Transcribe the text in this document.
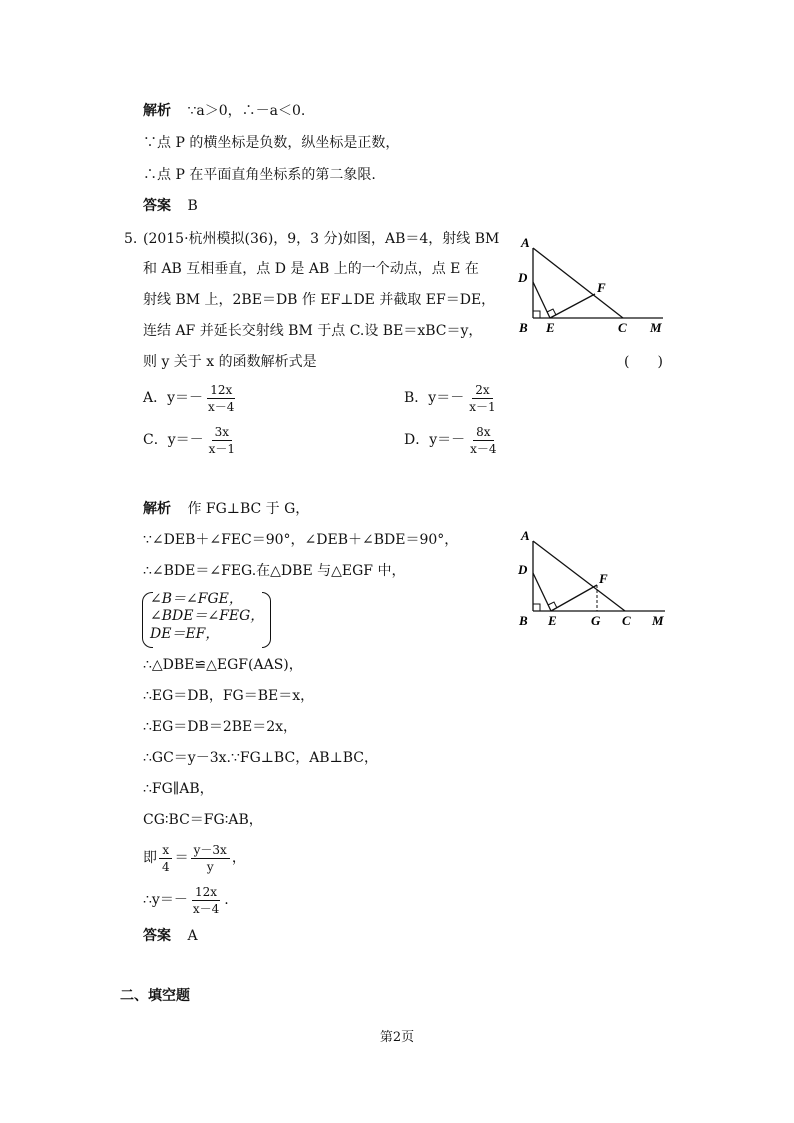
解析 ∵a＞0，∴－a＜0.
∵点 P 的横坐标是负数，纵坐标是正数，
∴点 P 在平面直角坐标系的第二象限.
答案 B
5. (2015·杭州模拟(36)，9，3 分)如图，AB＝4，射线 BM
和 AB 互相垂直，点 D 是 AB 上的一个动点，点 E 在
射线 BM 上，2BE＝DB 作 EF⊥DE 并截取 EF＝DE，
连结 AF 并延长交射线 BM 于点 C.设 BE＝xBC＝y，
则 y 关于 x 的函数解析式是	(　　)
A
D
F
B E	C M
A．$y=- \frac{12x}{x-4}$	B．$y=- \frac{2x}{x-1}$
C．$y=- \frac{3x}{x-1}$	D．$y=- \frac{8x}{x-4}$
解析 作 FG⊥BC 于 G，
∵∠DEB＋∠FEC＝90°，∠DEB＋∠BDE＝90°，
∴∠BDE＝∠FEG.在△DBE 与△EGF 中，
∠B＝∠FGE，
∠BDE＝∠FEG，
DE＝EF，
∴△DBE≌△EGF(AAS)，
∴EG＝DB，FG＝BE＝x，
∴EG＝DB＝2BE＝2x，
∴GC＝y－3x.∵FG⊥BC，AB⊥BC，
∴FG∥AB，
CG∶BC＝FG∶AB，
即 $\frac{x}{4} = \frac{y-3x}{y}$ ，
∴y＝－ $\frac{12x}{x-4}$ .
答案 A
A
D
F
B E	G C M
二、填空题
第2页
